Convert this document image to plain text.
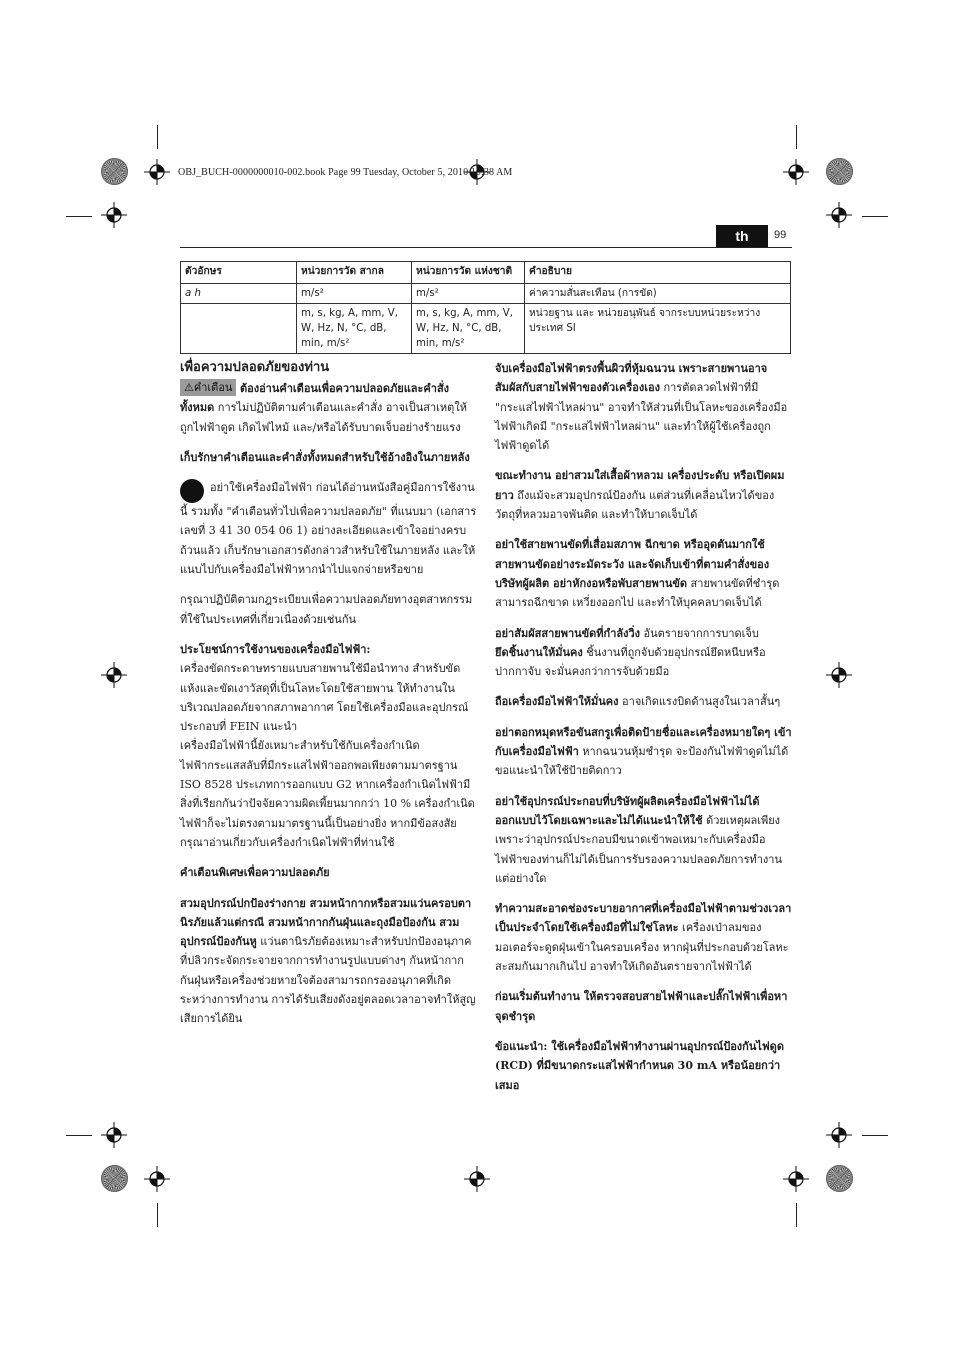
OBJ_BUCH-0000000010-002.book Page 99 Tuesday, October 5, 2010 10:38 AM
th	99
ตัวอักษร	หน่วยการวัด สากล	หน่วยการวัด แห่งชาติ	คำอธิบาย
a h	m/s²	m/s²	ค่าความสั่นสะเทือน (การขัด)
	m, s, kg, A, mm, V, W, Hz, N, °C, dB, min, m/s²	m, s, kg, A, mm, V, W, Hz, N, °C, dB, min, m/s²	หน่วยฐาน และ หน่วยอนุพันธ์ จากระบบหน่วยระหว่างประเทศ SI
เพื่อความปลอดภัยของท่าน

⚠คำเตือน ต้องอ่านคำเตือนเพื่อความปลอดภัยและคำสั่งทั้งหมด การไม่ปฏิบัติตามคำเตือนและคำสั่ง อาจเป็นสาเหตุให้ถูกไฟฟ้าดูด เกิดไฟไหม้ และ/หรือได้รับบาดเจ็บอย่างร้ายแรง

เก็บรักษาคำเตือนและคำสั่งทั้งหมดสำหรับใช้อ้างอิงในภายหลัง

อย่าใช้เครื่องมือไฟฟ้า ก่อนได้อ่านหนังสือคู่มือการใช้งานนี้ รวมทั้ง "คำเตือนทั่วไปเพื่อความปลอดภัย" ที่แนบมา (เอกสารเลขที่ 3 41 30 054 06 1) อย่างละเอียดและเข้าใจอย่างครบถ้วนแล้ว เก็บรักษาเอกสารดังกล่าวสำหรับใช้ในภายหลัง และให้แนบไปกับเครื่องมือไฟฟ้าหากนำไปแจกจ่ายหรือขาย

กรุณาปฏิบัติตามกฎระเบียบเพื่อความปลอดภัยทางอุตสาหกรรมที่ใช้ในประเทศที่เกี่ยวเนื่องด้วยเช่นกัน

ประโยชน์การใช้งานของเครื่องมือไฟฟ้า:

เครื่องขัดกระดาษทรายแบบสายพานใช้มือนำทาง สำหรับขัดแห้งและขัดเงาวัสดุที่เป็นโลหะโดยใช้สายพาน ให้ทำงานในบริเวณปลอดภัยจากสภาพอากาศ โดยใช้เครื่องมือและอุปกรณ์ประกอบที่ FEIN แนะนำ

เครื่องมือไฟฟ้านี้ยังเหมาะสำหรับใช้กับเครื่องกำเนิดไฟฟ้ากระแสสลับที่มีกระแสไฟฟ้าออกพอเพียงตามมาตรฐาน ISO 8528 ประเภทการออกแบบ G2 หากเครื่องกำเนิดไฟฟ้ามีสิ่งที่เรียกกันว่าปัจจัยความผิดเพี้ยนมากกว่า 10 % เครื่องกำเนิดไฟฟ้าก็จะไม่ตรงตามมาตรฐานนี้เป็นอย่างยิ่ง หากมีข้อสงสัย กรุณาอ่านเกี่ยวกับเครื่องกำเนิดไฟฟ้าที่ท่านใช้

คำเตือนพิเศษเพื่อความปลอดภัย

สวมอุปกรณ์ปกป้องร่างกาย สวมหน้ากากหรือสวมแว่นครอบตานิรภัยแล้วแต่กรณี สวมหน้ากากกันฝุ่นและถุงมือป้องกัน สวมอุปกรณ์ป้องกันหู แว่นตานิรภัยต้องเหมาะสำหรับปกป้องอนุภาคที่ปลิวกระจัดกระจายจากการทำงานรูปแบบต่างๆ กันหน้ากากกันฝุ่นหรือเครื่องช่วยหายใจต้องสามารถกรองอนุภาคที่เกิดระหว่างการทำงาน การได้รับเสียงดังอยู่ตลอดเวลาอาจทำให้สูญเสียการได้ยิน

จับเครื่องมือไฟฟ้าตรงพื้นผิวที่หุ้มฉนวน เพราะสายพานอาจสัมผัสกับสายไฟฟ้าของตัวเครื่องเอง การตัดลวดไฟฟ้าที่มี "กระแสไฟฟ้าไหลผ่าน" อาจทำให้ส่วนที่เป็นโลหะของเครื่องมือไฟฟ้าเกิดมี "กระแสไฟฟ้าไหลผ่าน" และทำให้ผู้ใช้เครื่องถูกไฟฟ้าดูดได้

ขณะทำงาน อย่าสวมใส่เสื้อผ้าหลวม เครื่องประดับ หรือเปิดผมยาว ถึงแม้จะสวมอุปกรณ์ป้องกัน แต่ส่วนที่เคลื่อนไหวได้ของวัตถุที่หลวมอาจพันติด และทำให้บาดเจ็บได้

อย่าใช้สายพานขัดที่เสื่อมสภาพ ฉีกขาด หรืออุดตันมากใช้สายพานขัดอย่างระมัดระวัง และจัดเก็บเข้าที่ตามคำสั่งของบริษัทผู้ผลิต อย่าหักงอหรือพับสายพานขัด สายพานขัดที่ชำรุดสามารถฉีกขาด เหวี่ยงออกไป และทำให้บุคคลบาดเจ็บได้

อย่าสัมผัสสายพานขัดที่กำลังวิ่ง อันตรายจากการบาดเจ็บ

ยึดชิ้นงานให้มั่นคง ชิ้นงานที่ถูกจับด้วยอุปกรณ์ยึดหนีบหรือปากกาจับ จะมั่นคงกว่าการจับด้วยมือ

ถือเครื่องมือไฟฟ้าให้มั่นคง อาจเกิดแรงบิดด้านสูงในเวลาสั้นๆ

อย่าตอกหมุดหรือขันสกรูเพื่อติดป้ายชื่อและเครื่องหมายใดๆ เข้ากับเครื่องมือไฟฟ้า หากฉนวนหุ้มชำรุด จะป้องกันไฟฟ้าดูดไม่ได้ ขอแนะนำให้ใช้ป้ายติดกาว

อย่าใช้อุปกรณ์ประกอบที่บริษัทผู้ผลิตเครื่องมือไฟฟ้าไม่ได้ออกแบบไว้โดยเฉพาะและไม่ได้แนะนำให้ใช้ ด้วยเหตุผลเพียงเพราะว่าอุปกรณ์ประกอบมีขนาดเข้าพอเหมาะกับเครื่องมือไฟฟ้าของท่านก็ไม่ได้เป็นการรับรองความปลอดภัยการทำงานแต่อย่างใด

ทำความสะอาดช่องระบายอากาศที่เครื่องมือไฟฟ้าตามช่วงเวลาเป็นประจำโดยใช้เครื่องมือที่ไม่ใช่โลหะ เครื่องเป่าลมของมอเตอร์จะดูดฝุ่นเข้าในครอบเครื่อง หากฝุ่นที่ประกอบด้วยโลหะสะสมกันมากเกินไป อาจทำให้เกิดอันตรายจากไฟฟ้าได้

ก่อนเริ่มต้นทำงาน ให้ตรวจสอบสายไฟฟ้าและปลั๊กไฟฟ้าเพื่อหาจุดชำรุด

ข้อแนะนำ: ใช้เครื่องมือไฟฟ้าทำงานผ่านอุปกรณ์ป้องกันไฟดูด (RCD) ที่มีขนาดกระแสไฟฟ้ากำหนด 30 mA หรือน้อยกว่าเสมอ
